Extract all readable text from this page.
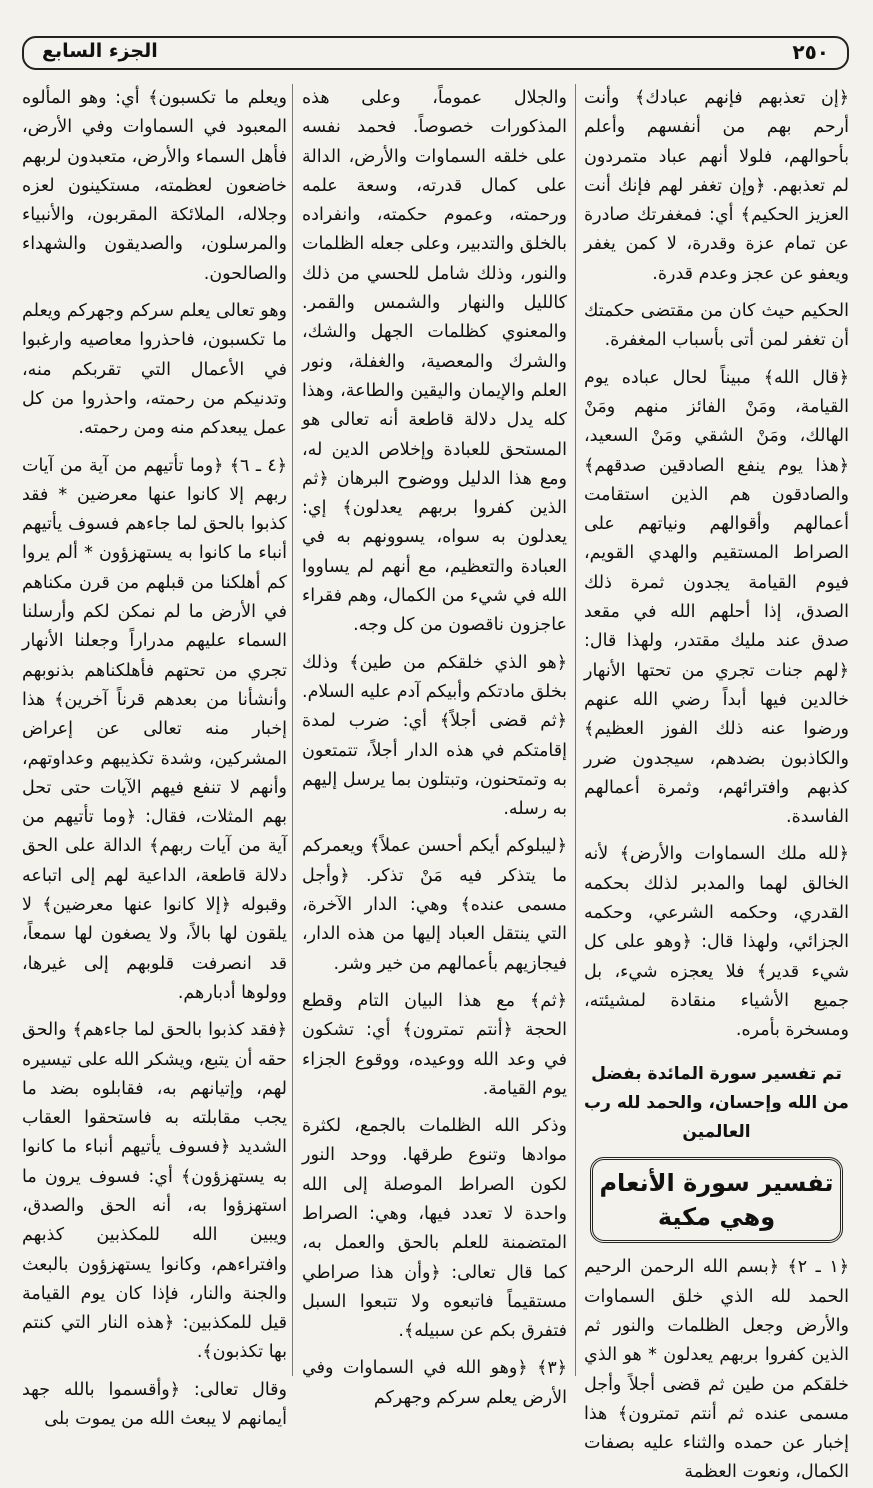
٢٥٠
الجزء السابع

﴿إن تعذبهم فإنهم عبادك﴾ وأنت أرحم بهم من أنفسهم وأعلم بأحوالهم، فلولا أنهم عباد متمردون لم تعذبهم. ﴿وإن تغفر لهم فإنك أنت العزيز الحكيم﴾ أي: فمغفرتك صادرة عن تمام عزة وقدرة، لا كمن يغفر ويعفو عن عجز وعدم قدرة.

الحكيم حيث كان من مقتضى حكمتك أن تغفر لمن أتى بأسباب المغفرة.

﴿قال الله﴾ مبيناً لحال عباده يوم القيامة، ومَنْ الفائز منهم ومَنْ الهالك، ومَنْ الشقي ومَنْ السعيد، ﴿هذا يوم ينفع الصادقين صدقهم﴾ والصادقون هم الذين استقامت أعمالهم وأقوالهم ونياتهم على الصراط المستقيم والهدي القويم، فيوم القيامة يجدون ثمرة ذلك الصدق، إذا أحلهم الله في مقعد صدق عند مليك مقتدر، ولهذا قال: ﴿لهم جنات تجري من تحتها الأنهار خالدين فيها أبداً رضي الله عنهم ورضوا عنه ذلك الفوز العظيم﴾ والكاذبون بضدهم، سيجدون ضرر كذبهم وافترائهم، وثمرة أعمالهم الفاسدة.

﴿لله ملك السماوات والأرض﴾ لأنه الخالق لهما والمدبر لذلك بحكمه القدري، وحكمه الشرعي، وحكمه الجزائي، ولهذا قال: ﴿وهو على كل شيء قدير﴾ فلا يعجزه شيء، بل جميع الأشياء منقادة لمشيئته، ومسخرة بأمره.

تم تفسير سورة المائدة بفضل من الله وإحسان، والحمد لله رب العالمين

تفسير سورة الأنعام
وهي مكية

﴿١ ـ ٢﴾ ﴿بسم الله الرحمن الرحيم الحمد لله الذي خلق السماوات والأرض وجعل الظلمات والنور ثم الذين كفروا بربهم يعدلون * هو الذي خلقكم من طين ثم قضى أجلاً وأجل مسمى عنده ثم أنتم تمترون﴾ هذا إخبار عن حمده والثناء عليه بصفات الكمال، ونعوت العظمة

والجلال عموماً، وعلى هذه المذكورات خصوصاً. فحمد نفسه على خلقه السماوات والأرض، الدالة على كمال قدرته، وسعة علمه ورحمته، وعموم حكمته، وانفراده بالخلق والتدبير، وعلى جعله الظلمات والنور، وذلك شامل للحسي من ذلك كالليل والنهار والشمس والقمر. والمعنوي كظلمات الجهل والشك، والشرك والمعصية، والغفلة، ونور العلم والإيمان واليقين والطاعة، وهذا كله يدل دلالة قاطعة أنه تعالى هو المستحق للعبادة وإخلاص الدين له، ومع هذا الدليل ووضوح البرهان ﴿ثم الذين كفروا بربهم يعدلون﴾ إي: يعدلون به سواه، يسوونهم به في العبادة والتعظيم، مع أنهم لم يساووا الله في شيء من الكمال، وهم فقراء عاجزون ناقصون من كل وجه.

﴿هو الذي خلقكم من طين﴾ وذلك بخلق مادتكم وأبيكم آدم عليه السلام. ﴿ثم قضى أجلاً﴾ أي: ضرب لمدة إقامتكم في هذه الدار أجلاً، تتمتعون به وتمتحنون، وتبتلون بما يرسل إليهم به رسله.

﴿ليبلوكم أيكم أحسن عملاً﴾ ويعمركم ما يتذكر فيه مَنْ تذكر. ﴿وأجل مسمى عنده﴾ وهي: الدار الآخرة، التي ينتقل العباد إليها من هذه الدار، فيجازيهم بأعمالهم من خير وشر.

﴿ثم﴾ مع هذا البيان التام وقطع الحجة ﴿أنتم تمترون﴾ أي: تشكون في وعد الله ووعيده، ووقوع الجزاء يوم القيامة.

وذكر الله الظلمات بالجمع، لكثرة موادها وتنوع طرقها. ووحد النور لكون الصراط الموصلة إلى الله واحدة لا تعدد فيها، وهي: الصراط المتضمنة للعلم بالحق والعمل به، كما قال تعالى: ﴿وأن هذا صراطي مستقيماً فاتبعوه ولا تتبعوا السبل فتفرق بكم عن سبيله﴾.

﴿٣﴾ ﴿وهو الله في السماوات وفي الأرض يعلم سركم وجهركم

ويعلم ما تكسبون﴾ أي: وهو المألوه المعبود في السماوات وفي الأرض، فأهل السماء والأرض، متعبدون لربهم خاضعون لعظمته، مستكينون لعزه وجلاله، الملائكة المقربون، والأنبياء والمرسلون، والصديقون والشهداء والصالحون.

وهو تعالى يعلم سركم وجهركم ويعلم ما تكسبون، فاحذروا معاصيه وارغبوا في الأعمال التي تقربكم منه، وتدنيكم من رحمته، واحذروا من كل عمل يبعدكم منه ومن رحمته.

﴿٤ ـ ٦﴾ ﴿وما تأتيهم من آية من آيات ربهم إلا كانوا عنها معرضين * فقد كذبوا بالحق لما جاءهم فسوف يأتيهم أنباء ما كانوا به يستهزؤون * ألم يروا كم أهلكنا من قبلهم من قرن مكناهم في الأرض ما لم نمكن لكم وأرسلنا السماء عليهم مدراراً وجعلنا الأنهار تجري من تحتهم فأهلكناهم بذنوبهم وأنشأنا من بعدهم قرناً آخرين﴾ هذا إخبار منه تعالى عن إعراض المشركين، وشدة تكذيبهم وعداوتهم، وأنهم لا تنفع فيهم الآيات حتى تحل بهم المثلات، فقال: ﴿وما تأتيهم من آية من آيات ربهم﴾ الدالة على الحق دلالة قاطعة، الداعية لهم إلى اتباعه وقبوله ﴿إلا كانوا عنها معرضين﴾ لا يلقون لها بالاً، ولا يصغون لها سمعاً، قد انصرفت قلوبهم إلى غيرها، وولوها أدبارهم.

﴿فقد كذبوا بالحق لما جاءهم﴾ والحق حقه أن يتبع، ويشكر الله على تيسيره لهم، وإتيانهم به، فقابلوه بضد ما يجب مقابلته به فاستحقوا العقاب الشديد ﴿فسوف يأتيهم أنباء ما كانوا به يستهزؤون﴾ أي: فسوف يرون ما استهزؤوا به، أنه الحق والصدق، ويبين الله للمكذبين كذبهم وافتراءهم، وكانوا يستهزؤون بالبعث والجنة والنار، فإذا كان يوم القيامة قيل للمكذبين: ﴿هذه النار التي كنتم بها تكذبون﴾.

وقال تعالى: ﴿وأقسموا بالله جهد أيمانهم لا يبعث الله من يموت بلى
